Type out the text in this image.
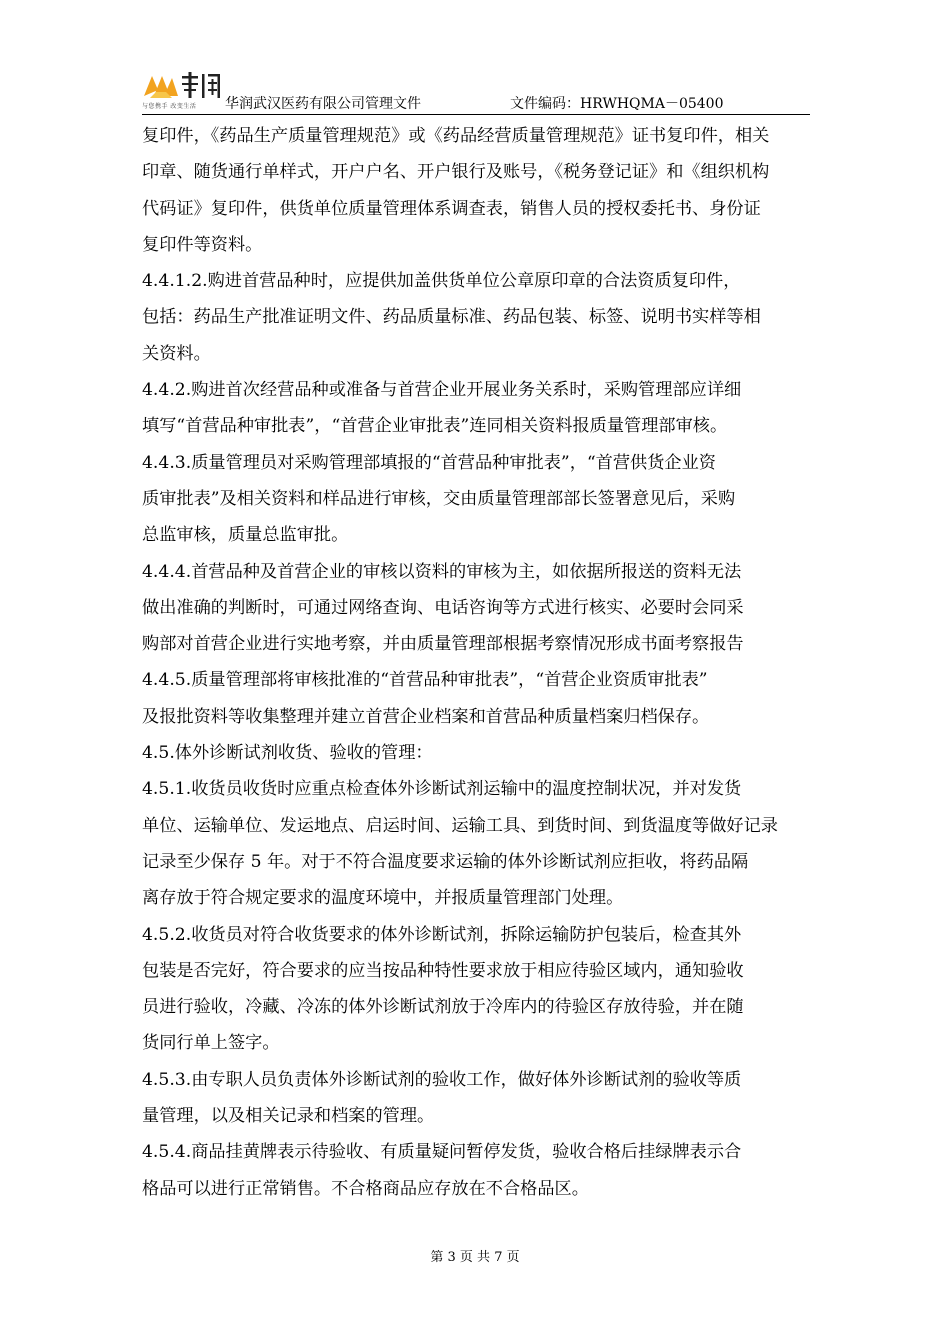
与您携手 改变生活 华润武汉医药有限公司管理文件	文件编码：HRWHQMA－05400
复印件，《药品生产质量管理规范》或《药品经营质量管理规范》证书复印件，相关
印章、随货通行单样式，开户户名、开户银行及账号，《税务登记证》和《组织机构
代码证》复印件，供货单位质量管理体系调查表，销售人员的授权委托书、身份证
复印件等资料。
4.4.1.2.购进首营品种时，应提供加盖供货单位公章原印章的合法资质复印件，
包括：药品生产批准证明文件、药品质量标准、药品包装、标签、说明书实样等相
关资料。
4.4.2.购进首次经营品种或准备与首营企业开展业务关系时，采购管理部应详细
填写“首营品种审批表”，“首营企业审批表”连同相关资料报质量管理部审核。
4.4.3.质量管理员对采购管理部填报的“首营品种审批表”，“首营供货企业资
质审批表”及相关资料和样品进行审核，交由质量管理部部长签署意见后，采购
总监审核，质量总监审批。
4.4.4.首营品种及首营企业的审核以资料的审核为主，如依据所报送的资料无法
做出准确的判断时，可通过网络查询、电话咨询等方式进行核实、必要时会同采
购部对首营企业进行实地考察，并由质量管理部根据考察情况形成书面考察报告
4.4.5.质量管理部将审核批准的“首营品种审批表”，“首营企业资质审批表”
及报批资料等收集整理并建立首营企业档案和首营品种质量档案归档保存。
4.5.体外诊断试剂收货、验收的管理：
4.5.1.收货员收货时应重点检查体外诊断试剂运输中的温度控制状况，并对发货
单位、运输单位、发运地点、启运时间、运输工具、到货时间、到货温度等做好记录
记录至少保存 5 年。对于不符合温度要求运输的体外诊断试剂应拒收，将药品隔
离存放于符合规定要求的温度环境中，并报质量管理部门处理。
4.5.2.收货员对符合收货要求的体外诊断试剂，拆除运输防护包装后，检查其外
包装是否完好，符合要求的应当按品种特性要求放于相应待验区域内，通知验收
员进行验收，冷藏、冷冻的体外诊断试剂放于冷库内的待验区存放待验，并在随
货同行单上签字。
4.5.3.由专职人员负责体外诊断试剂的验收工作，做好体外诊断试剂的验收等质
量管理，以及相关记录和档案的管理。
4.5.4.商品挂黄牌表示待验收、有质量疑问暂停发货，验收合格后挂绿牌表示合
格品可以进行正常销售。不合格商品应存放在不合格品区。
第 3 页 共 7 页
